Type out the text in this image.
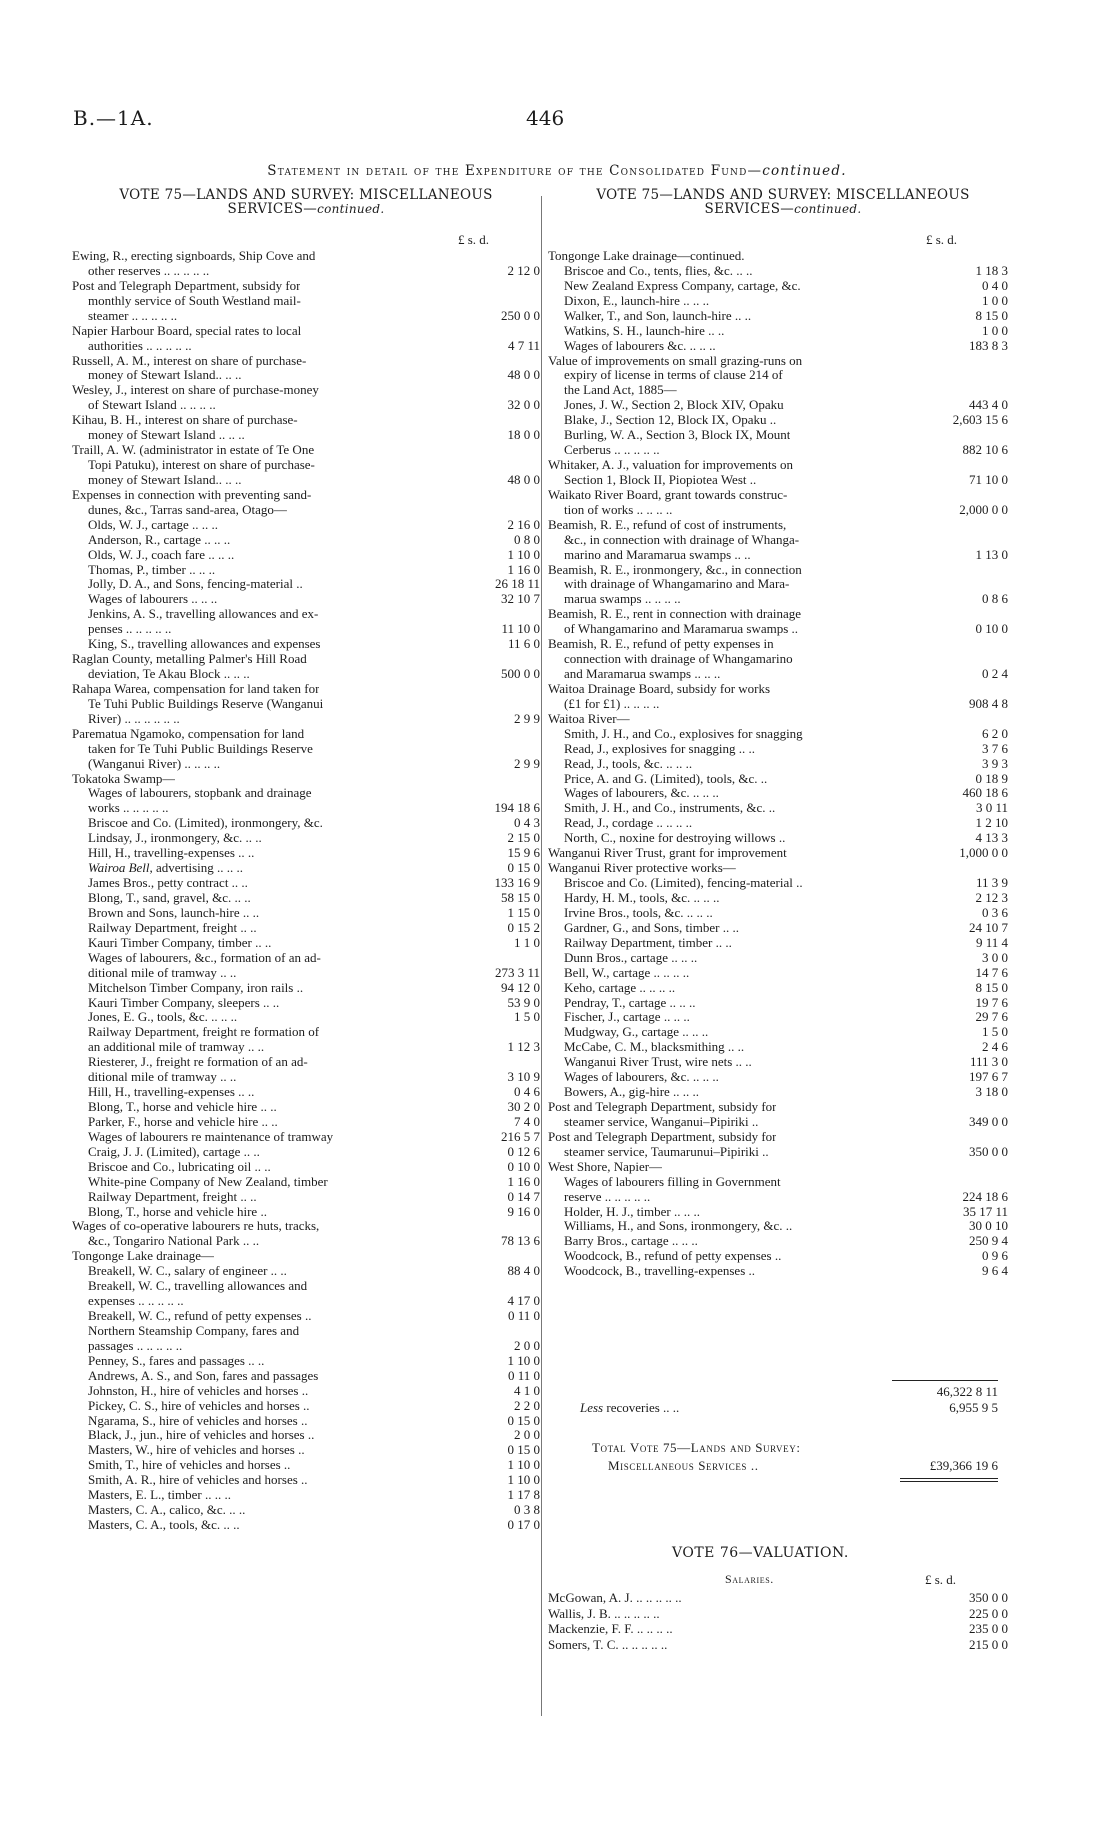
B.—1A.	446
Statement in detail of the Expenditure of the Consolidated Fund—continued.
VOTE 75—LANDS AND SURVEY: MISCELLANEOUS
SERVICES—continued.
£ s. d.
Ewing, R., erecting signboards, Ship Cove and
other reserves .. .. .. .. ..	2 12 0
Post and Telegraph Department, subsidy for
monthly service of South Westland mail-
steamer .. .. .. .. ..	250 0 0
Napier Harbour Board, special rates to local
authorities .. .. .. .. ..	4 7 11
Russell, A. M., interest on share of purchase-
money of Stewart Island.. .. ..	48 0 0
Wesley, J., interest on share of purchase-money
of Stewart Island .. .. .. ..	32 0 0
Kihau, B. H., interest on share of purchase-
money of Stewart Island .. .. ..	18 0 0
Traill, A. W. (administrator in estate of Te One
Topi Patuku), interest on share of purchase-
money of Stewart Island.. .. ..	48 0 0
Expenses in connection with preventing sand-
dunes, &c., Tarras sand-area, Otago—
Olds, W. J., cartage .. .. ..	2 16 0
Anderson, R., cartage .. .. ..	0 8 0
Olds, W. J., coach fare .. .. ..	1 10 0
Thomas, P., timber .. .. ..	1 16 0
Jolly, D. A., and Sons, fencing-material ..	26 18 11
Wages of labourers .. .. ..	32 10 7
Jenkins, A. S., travelling allowances and ex-
penses .. .. .. .. ..	11 10 0
King, S., travelling allowances and expenses	11 6 0
Raglan County, metalling Palmer's Hill Road
deviation, Te Akau Block .. .. ..	500 0 0
Rahapa Warea, compensation for land taken for
Te Tuhi Public Buildings Reserve (Wanganui
River) .. .. .. .. .. ..	2 9 9
Parematua Ngamoko, compensation for land
taken for Te Tuhi Public Buildings Reserve
(Wanganui River) .. .. .. ..	2 9 9
Tokatoka Swamp—
Wages of labourers, stopbank and drainage
works .. .. .. .. ..	194 18 6
Briscoe and Co. (Limited), ironmongery, &c.	0 4 3
Lindsay, J., ironmongery, &c. .. ..	2 15 0
Hill, H., travelling-expenses .. ..	15 9 6
Wairoa Bell, advertising .. .. ..	0 15 0
James Bros., petty contract .. ..	133 16 9
Blong, T., sand, gravel, &c. .. ..	58 15 0
Brown and Sons, launch-hire .. ..	1 15 0
Railway Department, freight .. ..	0 15 2
Kauri Timber Company, timber .. ..	1 1 0
Wages of labourers, &c., formation of an ad-
ditional mile of tramway .. ..	273 3 11
Mitchelson Timber Company, iron rails ..	94 12 0
Kauri Timber Company, sleepers .. ..	53 9 0
Jones, E. G., tools, &c. .. .. ..	1 5 0
Railway Department, freight re formation of
an additional mile of tramway .. ..	1 12 3
Riesterer, J., freight re formation of an ad-
ditional mile of tramway .. ..	3 10 9
Hill, H., travelling-expenses .. ..	0 4 6
Blong, T., horse and vehicle hire .. ..	30 2 0
Parker, F., horse and vehicle hire .. ..	7 4 0
Wages of labourers re maintenance of tramway	216 5 7
Craig, J. J. (Limited), cartage .. ..	0 12 6
Briscoe and Co., lubricating oil .. ..	0 10 0
White-pine Company of New Zealand, timber	1 16 0
Railway Department, freight .. ..	0 14 7
Blong, T., horse and vehicle hire ..	9 16 0
Wages of co-operative labourers re huts, tracks,
&c., Tongariro National Park .. ..	78 13 6
Tongonge Lake drainage—
Breakell, W. C., salary of engineer .. ..	88 4 0
Breakell, W. C., travelling allowances and
expenses .. .. .. .. ..	4 17 0
Breakell, W. C., refund of petty expenses ..	0 11 0
Northern Steamship Company, fares and
passages .. .. .. .. ..	2 0 0
Penney, S., fares and passages .. ..	1 10 0
Andrews, A. S., and Son, fares and passages	0 11 0
Johnston, H., hire of vehicles and horses ..	4 1 0
Pickey, C. S., hire of vehicles and horses ..	2 2 0
Ngarama, S., hire of vehicles and horses ..	0 15 0
Black, J., jun., hire of vehicles and horses ..	2 0 0
Masters, W., hire of vehicles and horses ..	0 15 0
Smith, T., hire of vehicles and horses ..	1 10 0
Smith, A. R., hire of vehicles and horses ..	1 10 0
Masters, E. L., timber .. .. ..	1 17 8
Masters, C. A., calico, &c. .. ..	0 3 8
Masters, C. A., tools, &c. .. ..	0 17 0
VOTE 75—LANDS AND SURVEY: MISCELLANEOUS
SERVICES—continued.
£ s. d.
Tongonge Lake drainage—continued.
Briscoe and Co., tents, flies, &c. .. ..	1 18 3
New Zealand Express Company, cartage, &c.	0 4 0
Dixon, E., launch-hire .. .. ..	1 0 0
Walker, T., and Son, launch-hire .. ..	8 15 0
Watkins, S. H., launch-hire .. ..	1 0 0
Wages of labourers &c. .. .. ..	183 8 3
Value of improvements on small grazing-runs on
expiry of license in terms of clause 214 of
the Land Act, 1885—
Jones, J. W., Section 2, Block XIV, Opaku	443 4 0
Blake, J., Section 12, Block IX, Opaku ..	2,603 15 6
Burling, W. A., Section 3, Block IX, Mount
Cerberus .. .. .. .. ..	882 10 6
Whitaker, A. J., valuation for improvements on
Section 1, Block II, Piopiotea West ..	71 10 0
Waikato River Board, grant towards construc-
tion of works .. .. .. ..	2,000 0 0
Beamish, R. E., refund of cost of instruments,
&c., in connection with drainage of Whanga-
marino and Maramarua swamps .. ..	1 13 0
Beamish, R. E., ironmongery, &c., in connection
with drainage of Whangamarino and Mara-
marua swamps .. .. .. ..	0 8 6
Beamish, R. E., rent in connection with drainage
of Whangamarino and Maramarua swamps ..	0 10 0
Beamish, R. E., refund of petty expenses in
connection with drainage of Whangamarino
and Maramarua swamps .. .. ..	0 2 4
Waitoa Drainage Board, subsidy for works
(£1 for £1) .. .. .. ..	908 4 8
Waitoa River—
Smith, J. H., and Co., explosives for snagging	6 2 0
Read, J., explosives for snagging .. ..	3 7 6
Read, J., tools, &c. .. .. ..	3 9 3
Price, A. and G. (Limited), tools, &c. ..	0 18 9
Wages of labourers, &c. .. .. ..	460 18 6
Smith, J. H., and Co., instruments, &c. ..	3 0 11
Read, J., cordage .. .. .. ..	1 2 10
North, C., noxine for destroying willows ..	4 13 3
Wanganui River Trust, grant for improvement	1,000 0 0
Wanganui River protective works—
Briscoe and Co. (Limited), fencing-material ..	11 3 9
Hardy, H. M., tools, &c. .. .. ..	2 12 3
Irvine Bros., tools, &c. .. .. ..	0 3 6
Gardner, G., and Sons, timber .. ..	24 10 7
Railway Department, timber .. ..	9 11 4
Dunn Bros., cartage .. .. ..	3 0 0
Bell, W., cartage .. .. .. ..	14 7 6
Keho, cartage .. .. .. ..	8 15 0
Pendray, T., cartage .. .. ..	19 7 6
Fischer, J., cartage .. .. ..	29 7 6
Mudgway, G., cartage .. .. ..	1 5 0
McCabe, C. M., blacksmithing .. ..	2 4 6
Wanganui River Trust, wire nets .. ..	111 3 0
Wages of labourers, &c. .. .. ..	197 6 7
Bowers, A., gig-hire .. .. ..	3 18 0
Post and Telegraph Department, subsidy for
steamer service, Wanganui–Pipiriki ..	349 0 0
Post and Telegraph Department, subsidy for
steamer service, Taumarunui–Pipiriki ..	350 0 0
West Shore, Napier—
Wages of labourers filling in Government
reserve .. .. .. .. ..	224 18 6
Holder, H. J., timber .. .. ..	35 17 11
Williams, H., and Sons, ironmongery, &c. ..	30 0 10
Barry Bros., cartage .. .. ..	250 9 4
Woodcock, B., refund of petty expenses ..	0 9 6
Woodcock, B., travelling-expenses ..	9 6 4
46,322 8 11
Less recoveries .. ..	6,955 9 5
Total Vote 75—Lands and Survey:
Miscellaneous Services ..	£39,366 19 6
VOTE 76—VALUATION.
Salaries.	£ s. d.
McGowan, A. J. .. .. .. .. ..	350 0 0
Wallis, J. B. .. .. .. .. ..	225 0 0
Mackenzie, F. F. .. .. .. ..	235 0 0
Somers, T. C. .. .. .. .. ..	215 0 0
